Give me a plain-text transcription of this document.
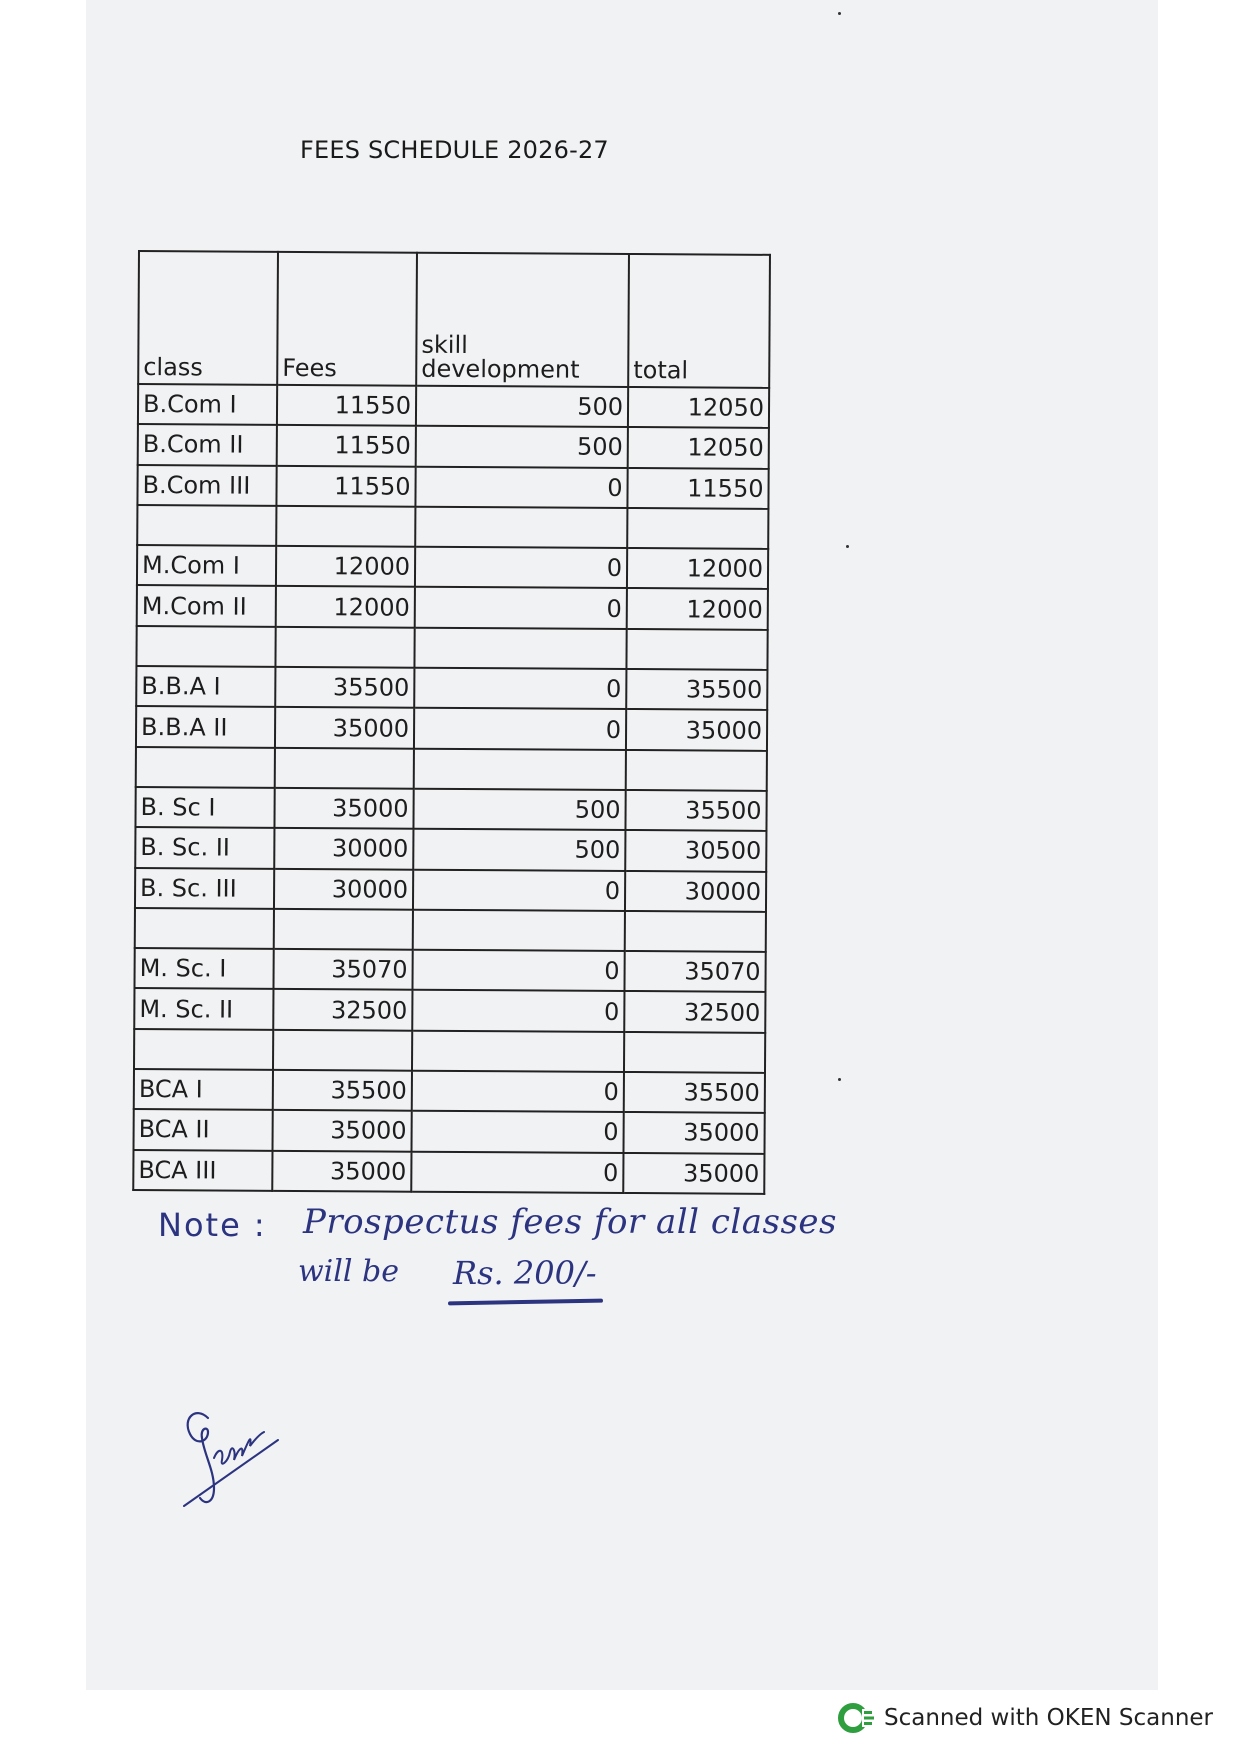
FEES SCHEDULE 2026-27
class	Fees	skill development	total
B.Com I	11550	500	12050
B.Com II	11550	500	12050
B.Com III	11550	0	11550

M.Com I	12000	0	12000
M.Com II	12000	0	12000

B.B.A I	35500	0	35500
B.B.A II	35000	0	35000

B. Sc I	35000	500	35500
B. Sc. II	30000	500	30500
B. Sc. III	30000	0	30000

M. Sc. I	35070	0	35070
M. Sc. II	32500	0	32500

BCA I	35500	0	35500
BCA II	35000	0	35000
BCA III	35000	0	35000
Note : Prospectus fees for all classes
will be Rs. 200/-
Scanned with OKEN Scanner
